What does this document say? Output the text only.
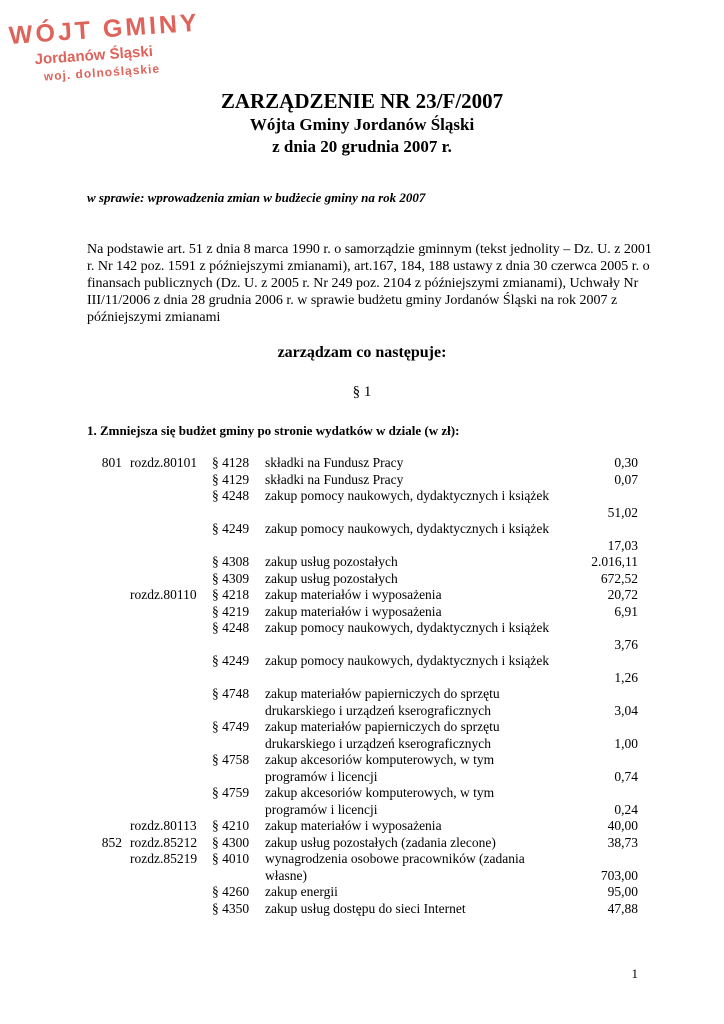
WÓJT GMINY
Jordanów Śląski
woj. dolnośląskie
ZARZĄDZENIE NR 23/F/2007
Wójta Gminy Jordanów Śląski
z dnia 20 grudnia 2007 r.
w sprawie: wprowadzenia zmian w budżecie gminy na rok 2007
Na podstawie art. 51 z dnia 8 marca 1990 r. o samorządzie gminnym (tekst jednolity – Dz. U. z 2001 r. Nr 142 poz. 1591 z późniejszymi zmianami), art.167, 184, 188 ustawy z dnia 30 czerwca 2005 r. o finansach publicznych (Dz. U. z 2005 r. Nr 249 poz. 2104 z późniejszymi zmianami), Uchwały Nr III/11/2006 z dnia 28 grudnia 2006 r. w sprawie budżetu gminy Jordanów Śląski na rok 2007 z późniejszymi zmianami
zarządzam co następuje:
§ 1
1. Zmniejsza się budżet gminy po stronie wydatków w dziale (w zł):
801 rozdz.80101	§ 4128	składki na Fundusz Pracy	0,30
§ 4129	składki na Fundusz Pracy	0,07
§ 4248	zakup pomocy naukowych, dydaktycznych i książek
51,02
§ 4249	zakup pomocy naukowych, dydaktycznych i książek
17,03
§ 4308	zakup usług pozostałych	2.016,11
§ 4309	zakup usług pozostałych	672,52
rozdz.80110	§ 4218	zakup materiałów i wyposażenia	20,72
§ 4219	zakup materiałów i wyposażenia	6,91
§ 4248	zakup pomocy naukowych, dydaktycznych i książek
3,76
§ 4249	zakup pomocy naukowych, dydaktycznych i książek
1,26
§ 4748	zakup materiałów papierniczych do sprzętu drukarskiego i urządzeń kserograficznych	3,04
§ 4749	zakup materiałów papierniczych do sprzętu drukarskiego i urządzeń kserograficznych	1,00
§ 4758	zakup akcesoriów komputerowych, w tym programów i licencji	0,74
§ 4759	zakup akcesoriów komputerowych, w tym programów i licencji	0,24
rozdz.80113	§ 4210	zakup materiałów i wyposażenia	40,00
852 rozdz.85212	§ 4300	zakup usług pozostałych (zadania zlecone)	38,73
rozdz.85219	§ 4010	wynagrodzenia osobowe pracowników (zadania własne)	703,00
§ 4260	zakup energii	95,00
§ 4350	zakup usług dostępu do sieci Internet	47,88
1
